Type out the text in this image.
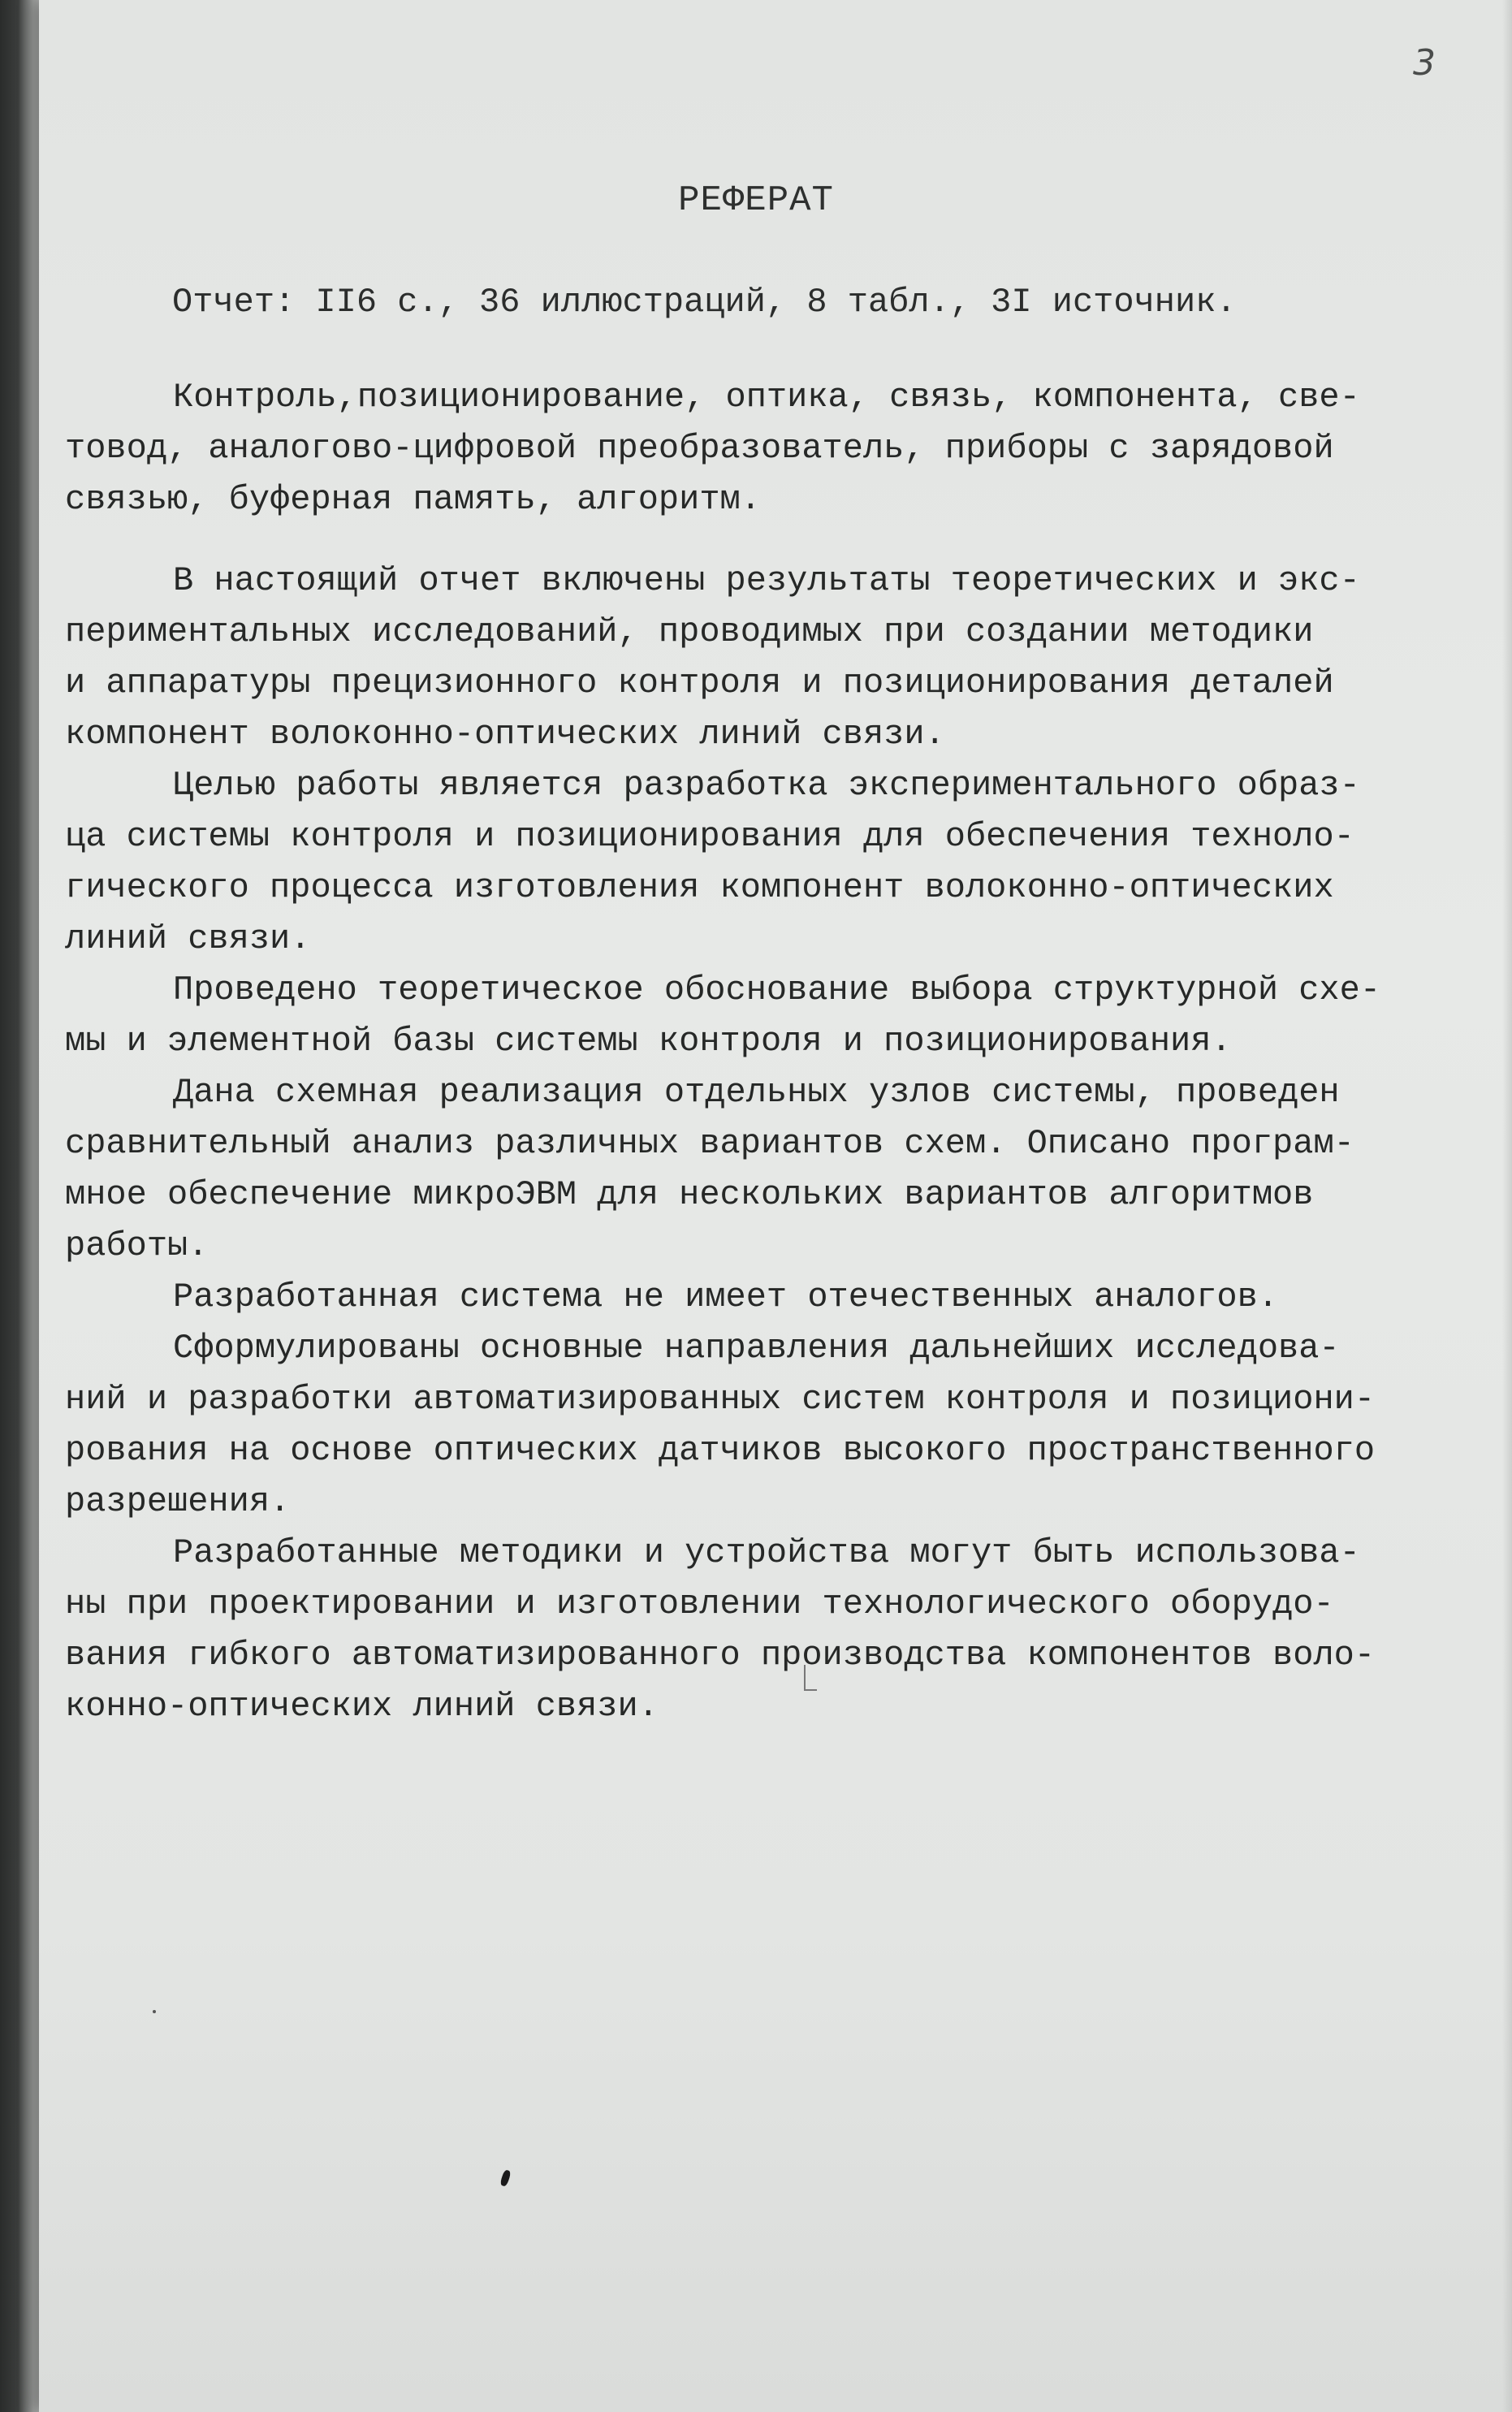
3
РЕФЕРАТ
Отчет: II6 с., 36 иллюстраций, 8 табл., 3I источник.
Контроль,позиционирование, оптика, связь, компонента, све-
товод, аналогово-цифровой преобразователь, приборы с зарядовой
связью, буферная память, алгоритм.
В настоящий отчет включены результаты теоретических и экс-
периментальных исследований, проводимых при создании методики
и аппаратуры прецизионного контроля и позиционирования деталей
компонент волоконно-оптических линий связи.
Целью работы является разработка экспериментального образ-
ца системы контроля и позиционирования для обеспечения техноло-
гического процесса изготовления компонент волоконно-оптических
линий связи.
Проведено теоретическое обоснование выбора структурной схе-
мы и элементной базы системы контроля и позиционирования.
Дана схемная реализация отдельных узлов системы, проведен
сравнительный анализ различных вариантов схем. Описано програм-
мное обеспечение микроЭВМ для нескольких вариантов алгоритмов
работы.
Разработанная система не имеет отечественных аналогов.
Сформулированы основные направления дальнейших исследова-
ний и разработки автоматизированных систем контроля и позициони-
рования на основе оптических датчиков высокого пространственного
разрешения.
Разработанные методики и устройства могут быть использова-
ны при проектировании и изготовлении технологического оборудо-
вания гибкого автоматизированного производства компонентов воло-
конно-оптических линий связи.
